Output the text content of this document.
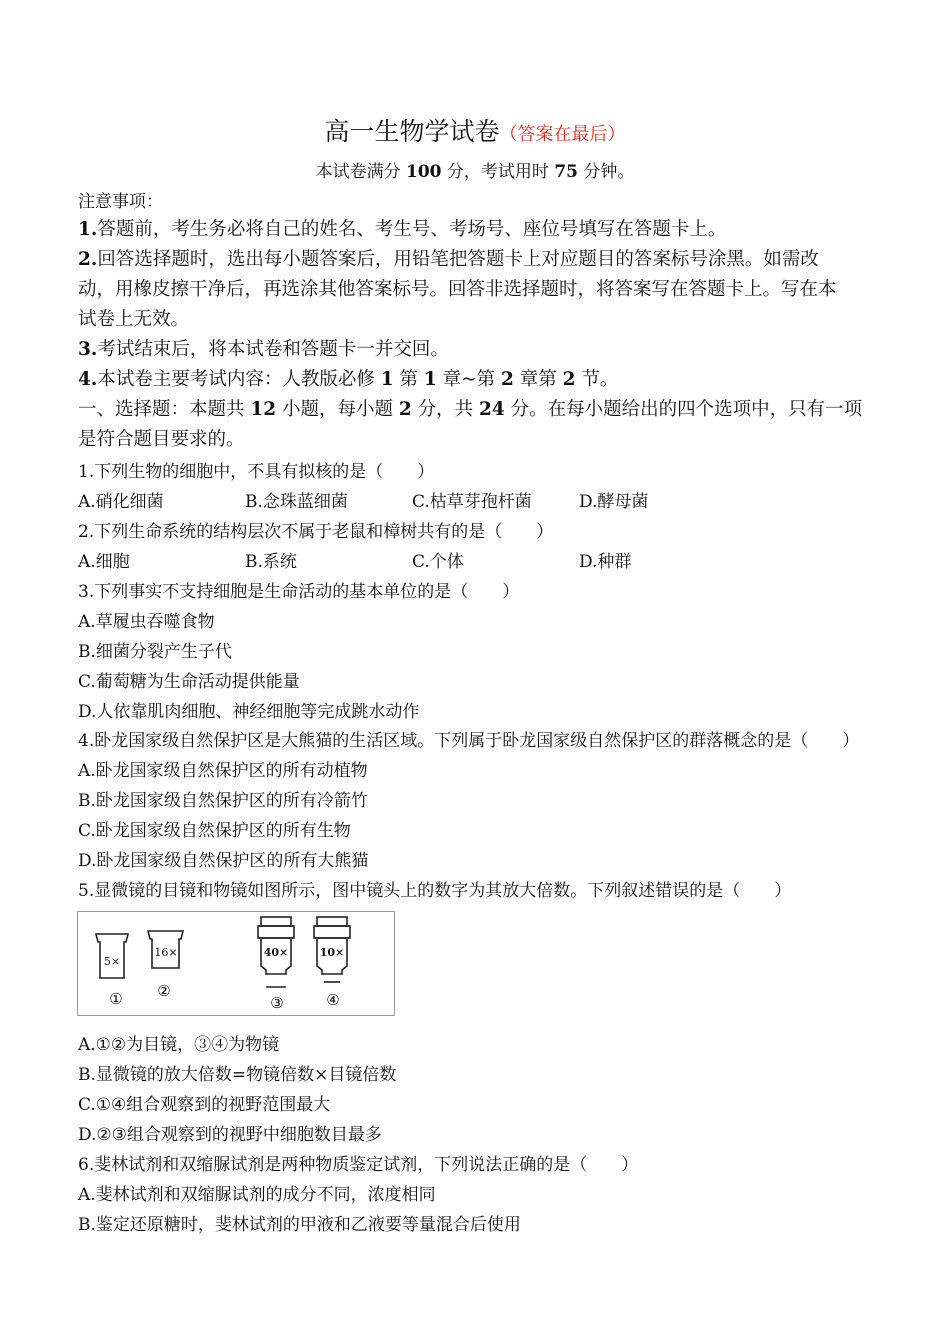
高一生物学试卷（答案在最后）
本试卷满分 100 分，考试用时 75 分钟。
注意事项：
1.答题前，考生务必将自己的姓名、考生号、考场号、座位号填写在答题卡上。
2.回答选择题时，选出每小题答案后，用铅笔把答题卡上对应题目的答案标号涂黑。如需改
动，用橡皮擦干净后，再选涂其他答案标号。回答非选择题时，将答案写在答题卡上。写在本
试卷上无效。
3.考试结束后，将本试卷和答题卡一并交回。
4.本试卷主要考试内容：人教版必修 1 第 1 章~第 2 章第 2 节。
一、选择题：本题共 12 小题，每小题 2 分，共 24 分。在每小题给出的四个选项中，只有一项
是符合题目要求的。
1.下列生物的细胞中，不具有拟核的是（　　）
A.硝化细菌	B.念珠蓝细菌	C.枯草芽孢杆菌	D.酵母菌
2.下列生命系统的结构层次不属于老鼠和樟树共有的是（　　）
A.细胞	B.系统	C.个体	D.种群
3.下列事实不支持细胞是生命活动的基本单位的是（　　）
A.草履虫吞噬食物
B.细菌分裂产生子代
C.葡萄糖为生命活动提供能量
D.人依靠肌肉细胞、神经细胞等完成跳水动作
4.卧龙国家级自然保护区是大熊猫的生活区域。下列属于卧龙国家级自然保护区的群落概念的是（　　）
A.卧龙国家级自然保护区的所有动植物
B.卧龙国家级自然保护区的所有冷箭竹
C.卧龙国家级自然保护区的所有生物
D.卧龙国家级自然保护区的所有大熊猫
5.显微镜的目镜和物镜如图所示，图中镜头上的数字为其放大倍数。下列叙述错误的是（　　）
5×
16×	40×	10×
① ②
③	④
A.①②为目镜，③④为物镜
B.显微镜的放大倍数=物镜倍数×目镜倍数
C.①④组合观察到的视野范围最大
D.②③组合观察到的视野中细胞数目最多
6.斐林试剂和双缩脲试剂是两种物质鉴定试剂，下列说法正确的是（　　）
A.斐林试剂和双缩脲试剂的成分不同，浓度相同
B.鉴定还原糖时，斐林试剂的甲液和乙液要等量混合后使用
